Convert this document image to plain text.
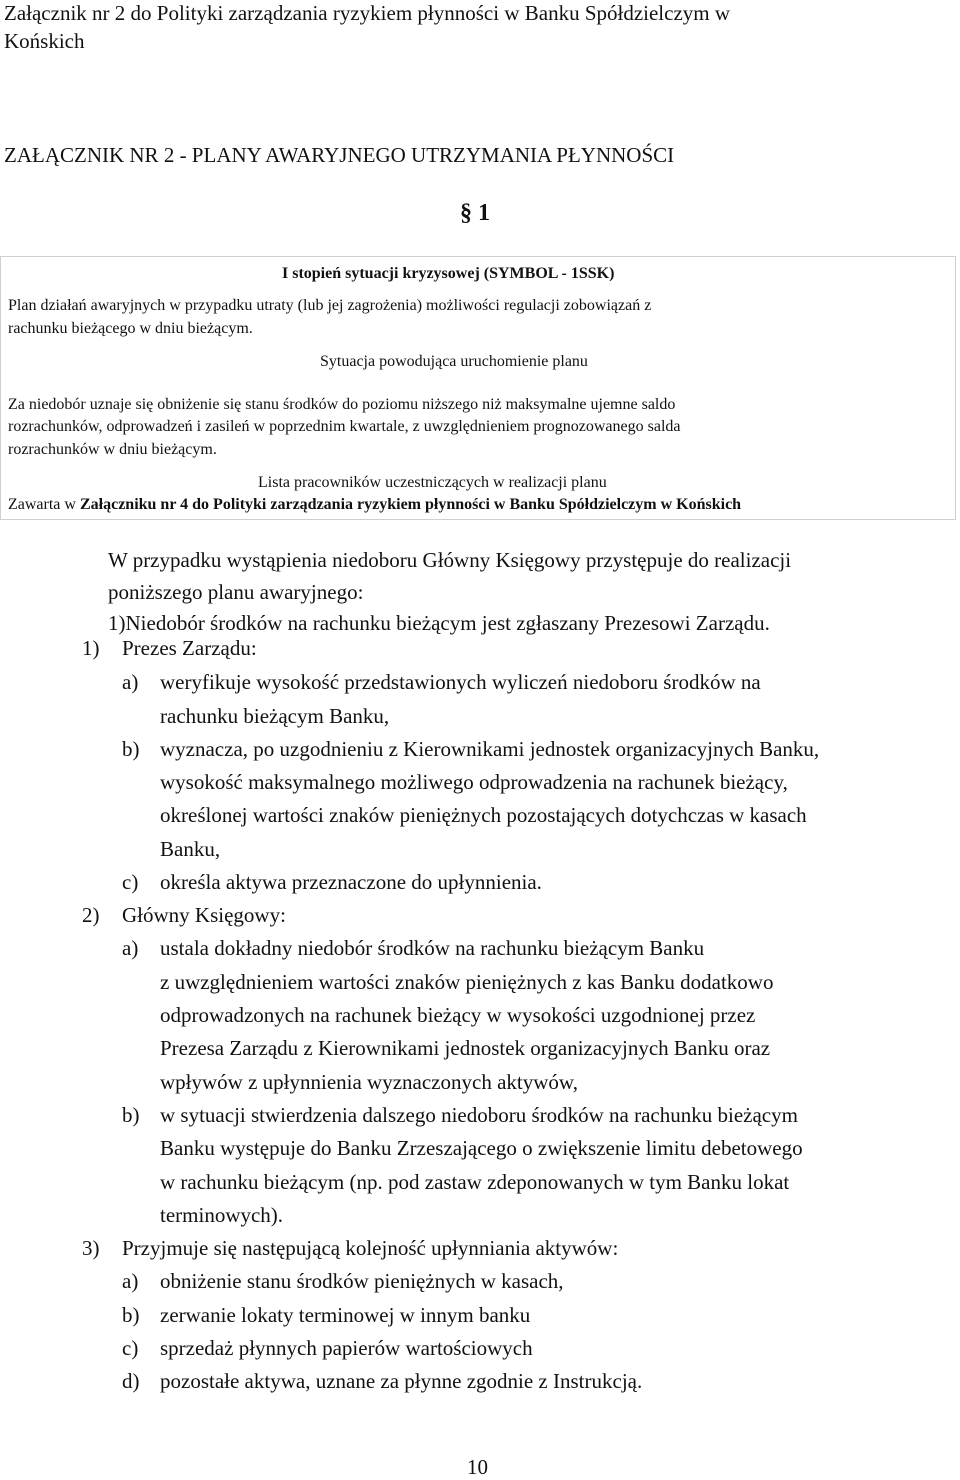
Załącznik nr 2 do Polityki zarządzania ryzykiem płynności w Banku Spółdzielczym w
Końskich
ZAŁĄCZNIK NR 2 - PLANY AWARYJNEGO UTRZYMANIA PŁYNNOŚCI
§ 1
I stopień sytuacji kryzysowej (SYMBOL - 1SSK)
Plan działań awaryjnych w przypadku utraty (lub jej zagrożenia) możliwości regulacji zobowiązań z
rachunku bieżącego w dniu bieżącym.
Sytuacja powodująca uruchomienie planu
Za niedobór uznaje się obniżenie się stanu środków do poziomu niższego niż maksymalne ujemne saldo
rozrachunków, odprowadzeń i zasileń w poprzednim kwartale, z uwzględnieniem prognozowanego salda
rozrachunków w dniu bieżącym.
Lista pracowników uczestniczących w realizacji planu
Zawarta w Załączniku nr 4 do Polityki zarządzania ryzykiem płynności w Banku Spółdzielczym w Końskich
W przypadku wystąpienia niedoboru Główny Księgowy przystępuje do realizacji
poniższego planu awaryjnego:
1)Niedobór środków na rachunku bieżącym jest zgłaszany Prezesowi Zarządu.
1) Prezes Zarządu:
a) weryfikuje wysokość przedstawionych wyliczeń niedoboru środków na
rachunku bieżącym Banku,
b) wyznacza, po uzgodnieniu z Kierownikami jednostek organizacyjnych Banku,
wysokość maksymalnego możliwego odprowadzenia na rachunek bieżący,
określonej wartości znaków pieniężnych pozostających dotychczas w kasach
Banku,
c) określa aktywa przeznaczone do upłynnienia.
2) Główny Księgowy:
a) ustala dokładny niedobór środków na rachunku bieżącym Banku
z uwzględnieniem wartości znaków pieniężnych z kas Banku dodatkowo
odprowadzonych na rachunek bieżący w wysokości uzgodnionej przez
Prezesa Zarządu z Kierownikami jednostek organizacyjnych Banku oraz
wpływów z upłynnienia wyznaczonych aktywów,
b) w sytuacji stwierdzenia dalszego niedoboru środków na rachunku bieżącym
Banku występuje do Banku Zrzeszającego o zwiększenie limitu debetowego
w rachunku bieżącym (np. pod zastaw zdeponowanych w tym Banku lokat
terminowych).
3) Przyjmuje się następującą kolejność upłynniania aktywów:
a) obniżenie stanu środków pieniężnych w kasach,
b) zerwanie lokaty terminowej w innym banku
c) sprzedaż płynnych papierów wartościowych
d) pozostałe aktywa, uznane za płynne zgodnie z Instrukcją.
10
